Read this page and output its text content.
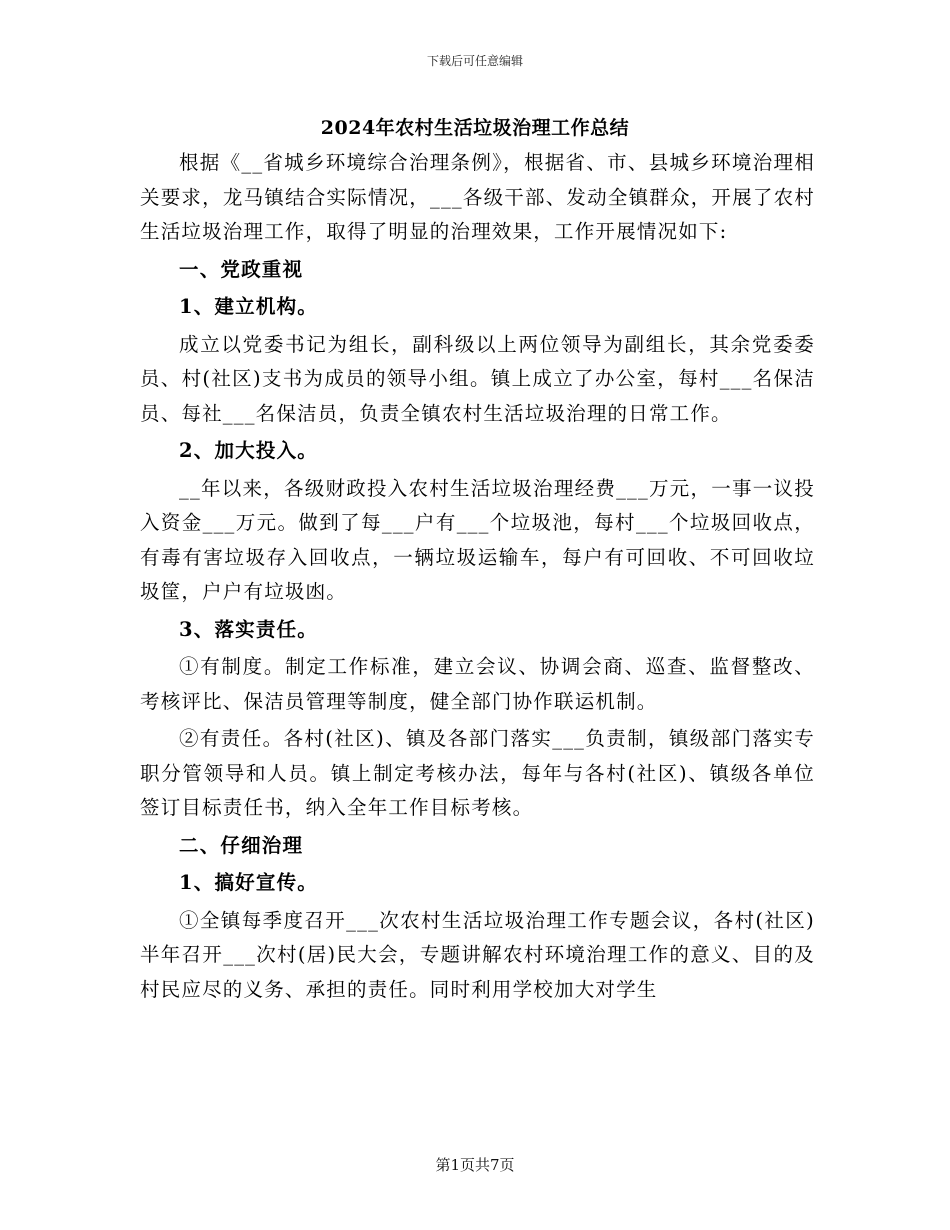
下载后可任意编辑
2024年农村生活垃圾治理工作总结

根据《__省城乡环境综合治理条例》，根据省、市、县城乡环境治理相关要求，龙马镇结合实际情况，___各级干部、发动全镇群众，开展了农村生活垃圾治理工作，取得了明显的治理效果，工作开展情况如下:

一、党政重视

1、建立机构。

成立以党委书记为组长，副科级以上两位领导为副组长，其余党委委员、村(社区)支书为成员的领导小组。镇上成立了办公室，每村___名保洁员、每社___名保洁员，负责全镇农村生活垃圾治理的日常工作。

2、加大投入。

__年以来，各级财政投入农村生活垃圾治理经费___万元，一事一议投入资金___万元。做到了每___户有___个垃圾池，每村___个垃圾回收点，有毒有害垃圾存入回收点，一辆垃圾运输车，每户有可回收、不可回收垃圾筐，户户有垃圾凼。

3、落实责任。

①有制度。制定工作标准，建立会议、协调会商、巡查、监督整改、考核评比、保洁员管理等制度，健全部门协作联运机制。

②有责任。各村(社区)、镇及各部门落实___负责制，镇级部门落实专职分管领导和人员。镇上制定考核办法，每年与各村(社区)、镇级各单位签订目标责任书，纳入全年工作目标考核。

二、仔细治理

1、搞好宣传。

①全镇每季度召开___次农村生活垃圾治理工作专题会议，各村(社区)半年召开___次村(居)民大会，专题讲解农村环境治理工作的意义、目的及村民应尽的义务、承担的责任。同时利用学校加大对学生

第1页共7页
